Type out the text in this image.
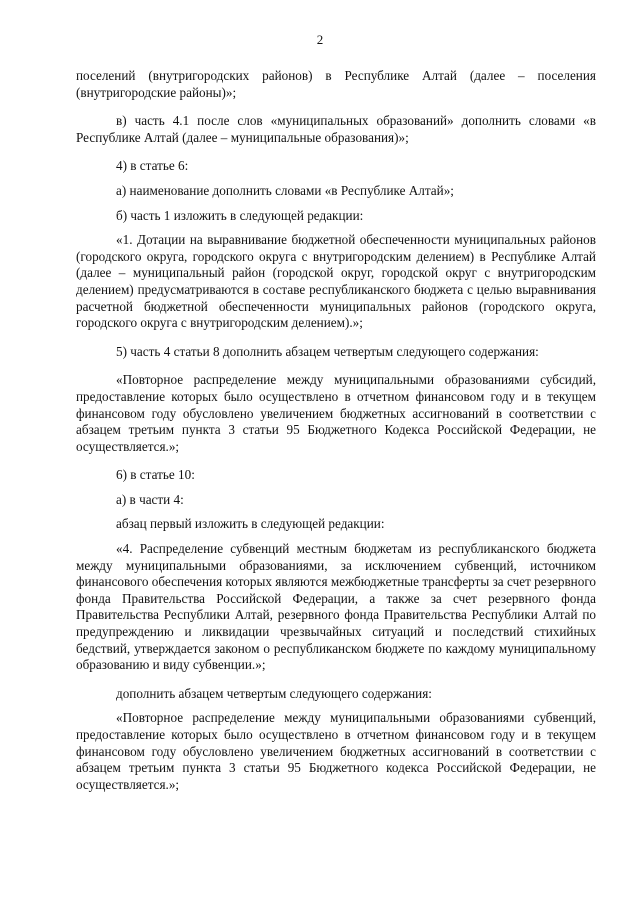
2

поселений (внутригородских районов) в Республике Алтай (далее – поселения (внутригородские районы)»;

в) часть 4.1 после слов «муниципальных образований» дополнить словами «в Республике Алтай (далее – муниципальные образования)»;

4) в статье 6:

а) наименование дополнить словами «в Республике Алтай»;

б) часть 1 изложить в следующей редакции:

«1. Дотации на выравнивание бюджетной обеспеченности муниципальных районов (городского округа, городского округа с внутригородским делением) в Республике Алтай (далее – муниципальный район (городской округ, городской округ с внутригородским делением) предусматриваются в составе республиканского бюджета с целью выравнивания расчетной бюджетной обеспеченности муниципальных районов (городского округа, городского округа с внутригородским делением).»;

5) часть 4 статьи 8 дополнить абзацем четвертым следующего содержания:

«Повторное распределение между муниципальными образованиями субсидий, предоставление которых было осуществлено в отчетном финансовом году и в текущем финансовом году обусловлено увеличением бюджетных ассигнований в соответствии с абзацем третьим пункта 3 статьи 95 Бюджетного Кодекса Российской Федерации, не осуществляется.»;

6) в статье 10:

а) в части 4:

абзац первый изложить в следующей редакции:

«4. Распределение субвенций местным бюджетам из республиканского бюджета между муниципальными образованиями, за исключением субвенций, источником финансового обеспечения которых являются межбюджетные трансферты за счет резервного фонда Правительства Российской Федерации, а также за счет резервного фонда Правительства Республики Алтай, резервного фонда Правительства Республики Алтай по предупреждению и ликвидации чрезвычайных ситуаций и последствий стихийных бедствий, утверждается законом о республиканском бюджете по каждому муниципальному образованию и виду субвенции.»;

дополнить абзацем четвертым следующего содержания:

«Повторное распределение между муниципальными образованиями субвенций, предоставление которых было осуществлено в отчетном финансовом году и в текущем финансовом году обусловлено увеличением бюджетных ассигнований в соответствии с абзацем третьим пункта 3 статьи 95 Бюджетного кодекса Российской Федерации, не осуществляется.»;
